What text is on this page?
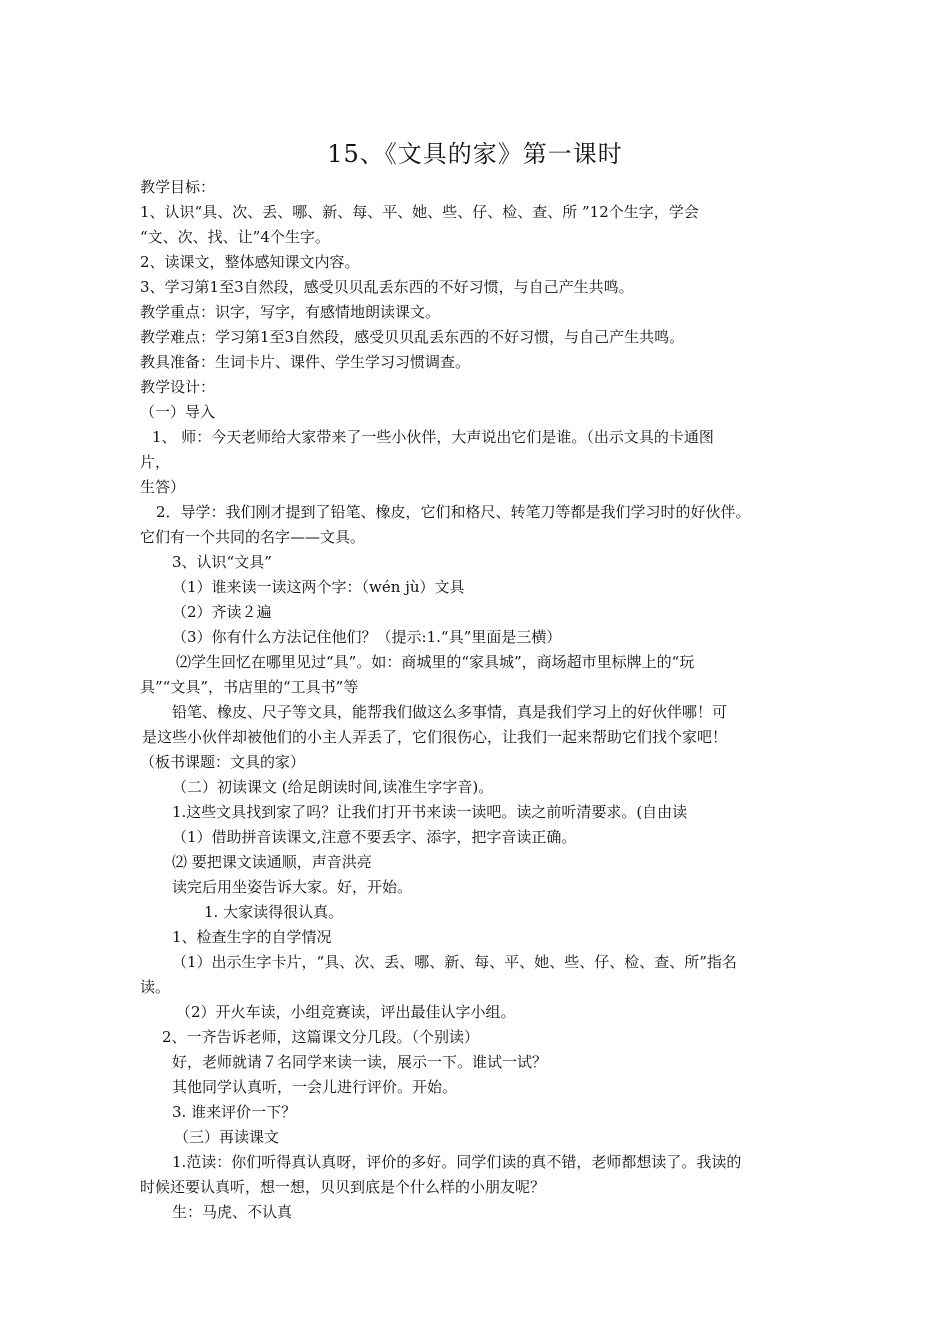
15、《文具的家》第一课时
教学目标：
1、认识“具、次、丢、哪、新、每、平、她、些、仔、检、查、所 ”12个生字，学会
“文、次、找、让”4个生字。
2、读课文，整体感知课文内容。
3、学习第1至3自然段，感受贝贝乱丢东西的不好习惯，与自己产生共鸣。
教学重点：识字，写字，有感情地朗读课文。
教学难点：学习第1至3自然段，感受贝贝乱丢东西的不好习惯，与自己产生共鸣。
教具准备：生词卡片、课件、学生学习习惯调查。
教学设计：
（一）导入
1、 师：今天老师给大家带来了一些小伙伴，大声说出它们是谁。（出示文具的卡通图
片，
生答）
2．导学：我们刚才提到了铅笔、橡皮，它们和格尺、转笔刀等都是我们学习时的好伙伴。
它们有一个共同的名字——文具。
3、认识“文具”
（1）谁来读一读这两个字：（wén jù）文具
（2）齐读２遍
（3）你有什么方法记住他们？（提示:1.“具”里面是三横）
⑵学生回忆在哪里见过“具”。如：商城里的“家具城”，商场超市里标牌上的“玩
具”“文具”，书店里的“工具书”等
铅笔、橡皮、尺子等文具，能帮我们做这么多事情，真是我们学习上的好伙伴哪！可
是这些小伙伴却被他们的小主人弄丢了，它们很伤心，让我们一起来帮助它们找个家吧！
（板书课题：文具的家）
（二）初读课文 (给足朗读时间,读准生字字音)。
1.这些文具找到家了吗？让我们打开书来读一读吧。读之前听清要求。(自由读
（1）借助拼音读课文,注意不要丢字、添字，把字音读正确。
⑵ 要把课文读通顺，声音洪亮
读完后用坐姿告诉大家。好，开始。
1. 大家读得很认真。
1、检查生字的自学情况
（1）出示生字卡片，“具、次、丢、哪、新、每、平、她、些、仔、检、查、所”指名
读。
（2）开火车读，小组竞赛读，评出最佳认字小组。
2、一齐告诉老师，这篇课文分几段。（个别读）
好，老师就请７名同学来读一读，展示一下。谁试一试？
其他同学认真听，一会儿进行评价。开始。
3. 谁来评价一下？
（三）再读课文
1.范读：你们听得真认真呀，评价的多好。同学们读的真不错，老师都想读了。我读的
时候还要认真听，想一想，贝贝到底是个什么样的小朋友呢？
生：马虎、不认真
